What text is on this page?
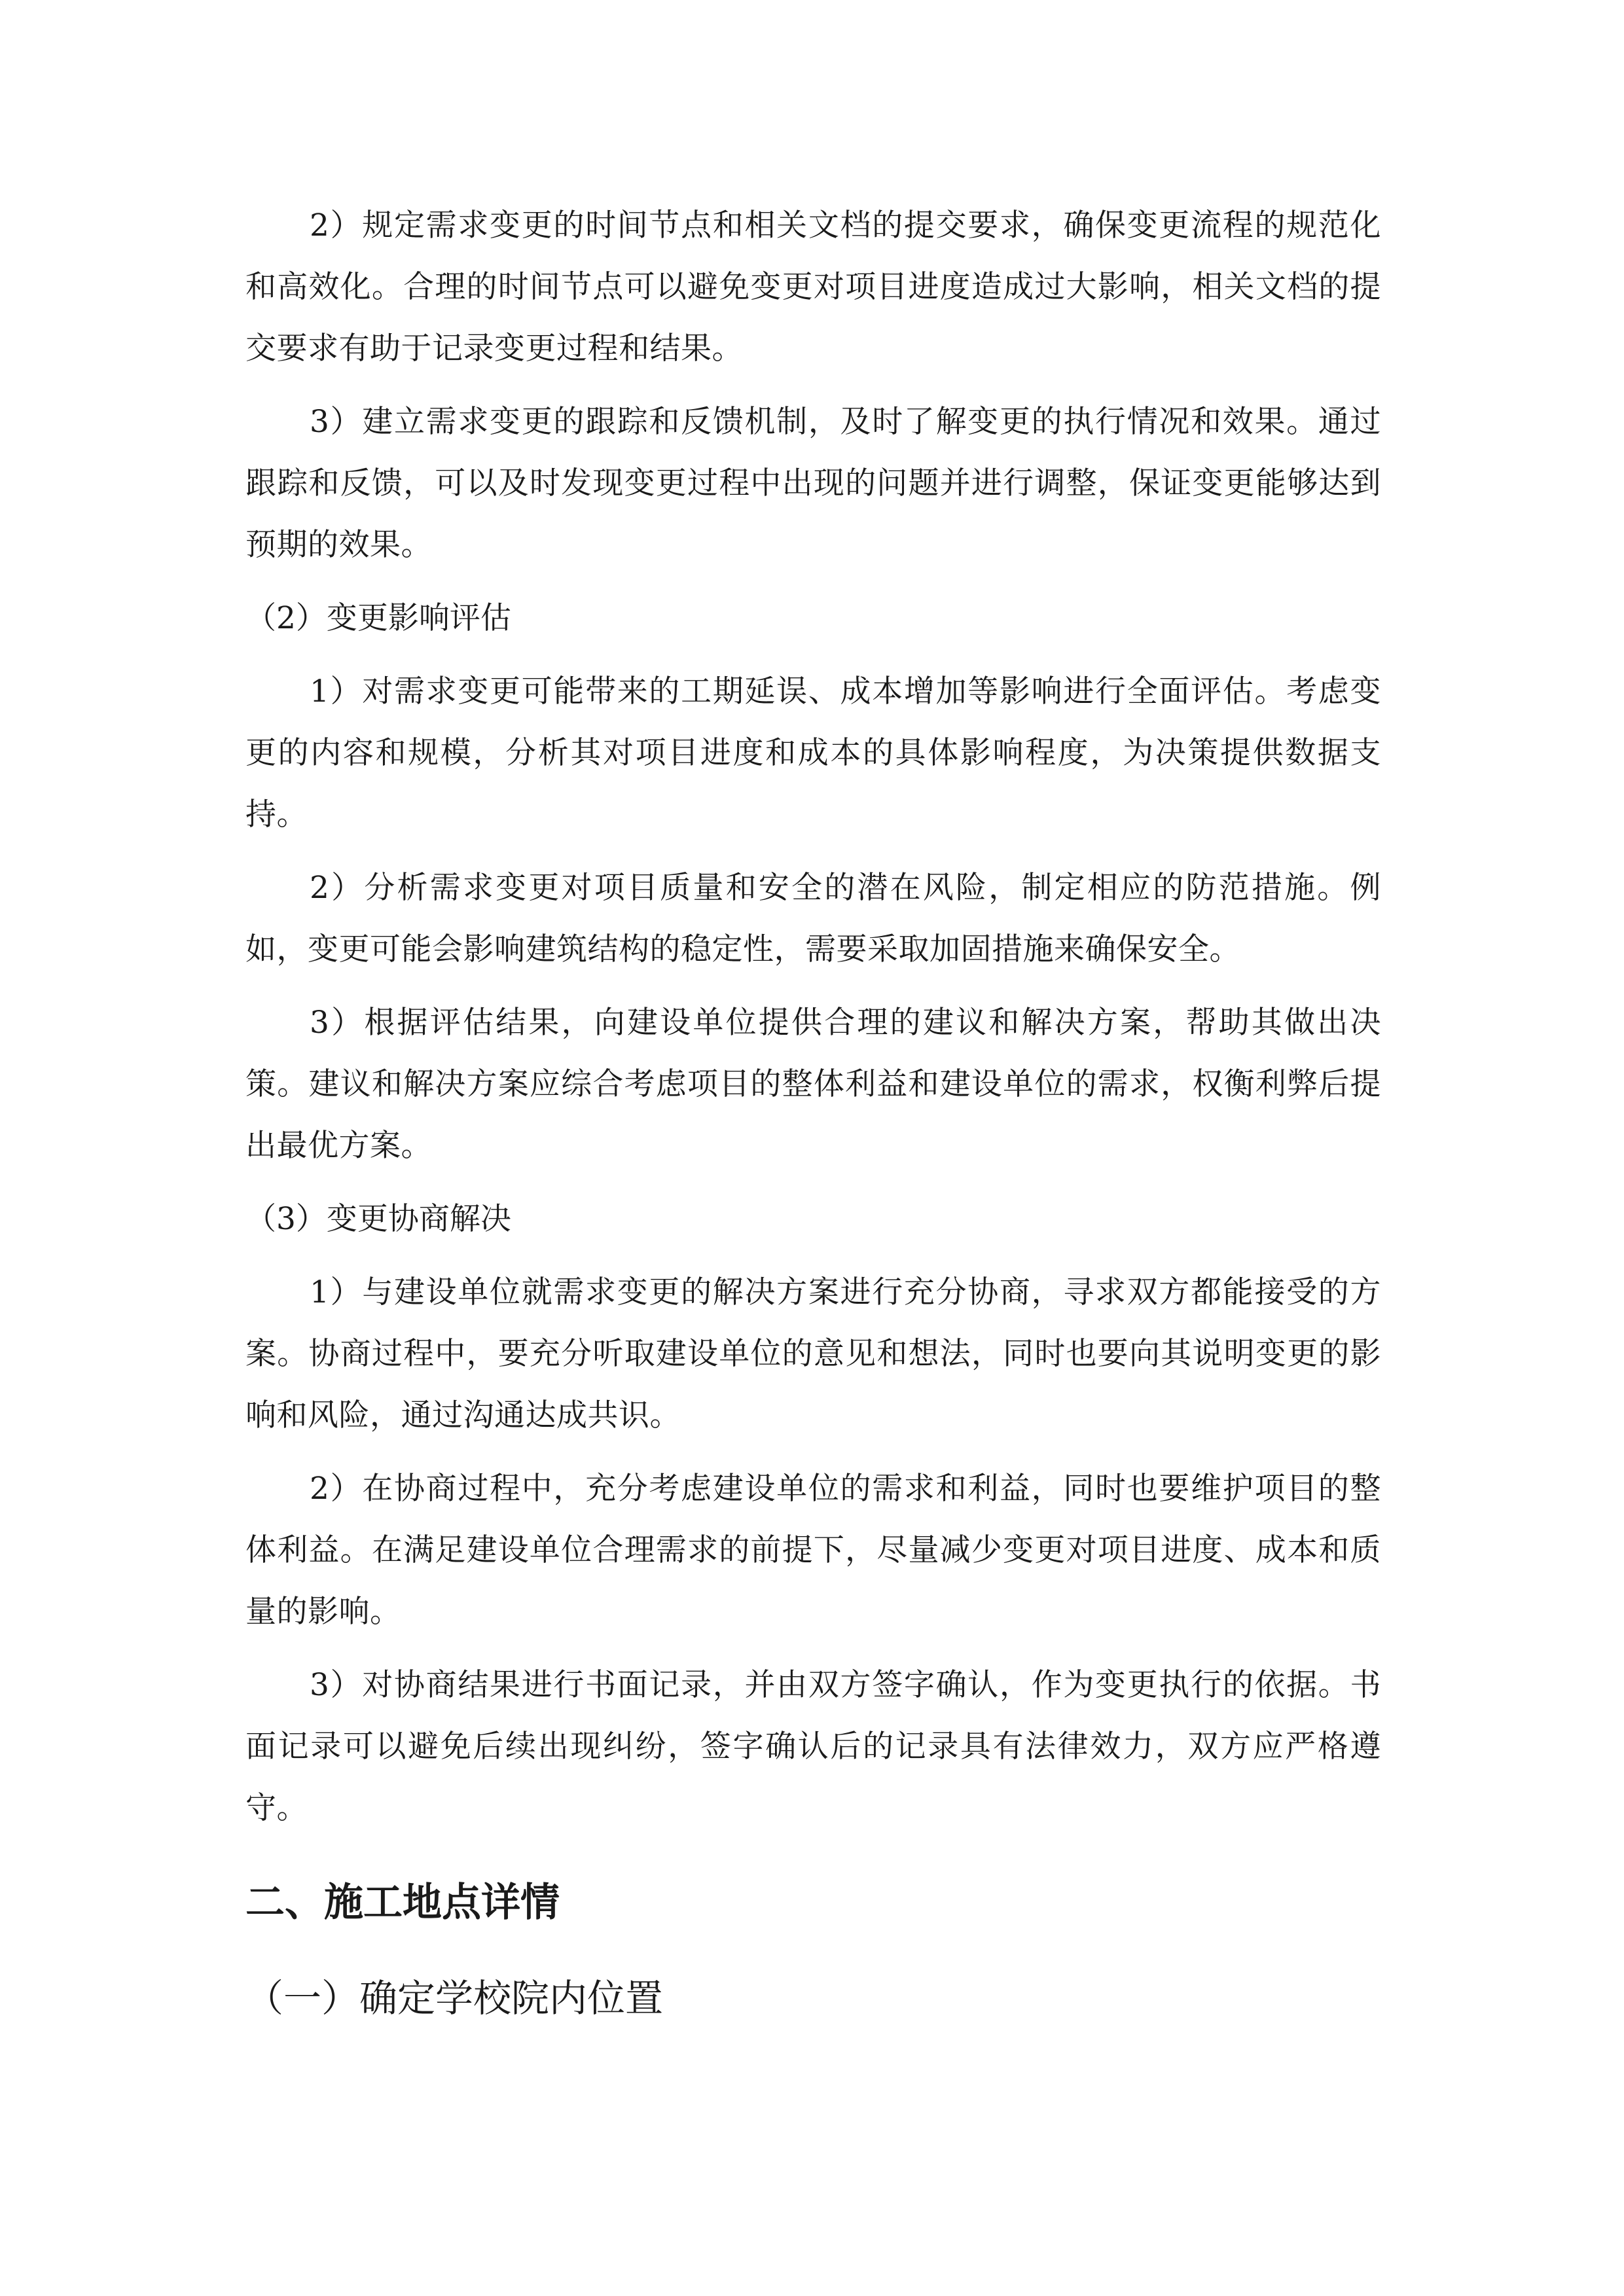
2）规定需求变更的时间节点和相关文档的提交要求，确保变更流程的规范化和高效化。合理的时间节点可以避免变更对项目进度造成过大影响，相关文档的提交要求有助于记录变更过程和结果。

3）建立需求变更的跟踪和反馈机制，及时了解变更的执行情况和效果。通过跟踪和反馈，可以及时发现变更过程中出现的问题并进行调整，保证变更能够达到预期的效果。

（2）变更影响评估

1）对需求变更可能带来的工期延误、成本增加等影响进行全面评估。考虑变更的内容和规模，分析其对项目进度和成本的具体影响程度，为决策提供数据支持。

2）分析需求变更对项目质量和安全的潜在风险，制定相应的防范措施。例如，变更可能会影响建筑结构的稳定性，需要采取加固措施来确保安全。

3）根据评估结果，向建设单位提供合理的建议和解决方案，帮助其做出决策。建议和解决方案应综合考虑项目的整体利益和建设单位的需求，权衡利弊后提出最优方案。

（3）变更协商解决

1）与建设单位就需求变更的解决方案进行充分协商，寻求双方都能接受的方案。协商过程中，要充分听取建设单位的意见和想法，同时也要向其说明变更的影响和风险，通过沟通达成共识。

2）在协商过程中，充分考虑建设单位的需求和利益，同时也要维护项目的整体利益。在满足建设单位合理需求的前提下，尽量减少变更对项目进度、成本和质量的影响。

3）对协商结果进行书面记录，并由双方签字确认，作为变更执行的依据。书面记录可以避免后续出现纠纷，签字确认后的记录具有法律效力，双方应严格遵守。

二、施工地点详情
（一）确定学校院内位置
